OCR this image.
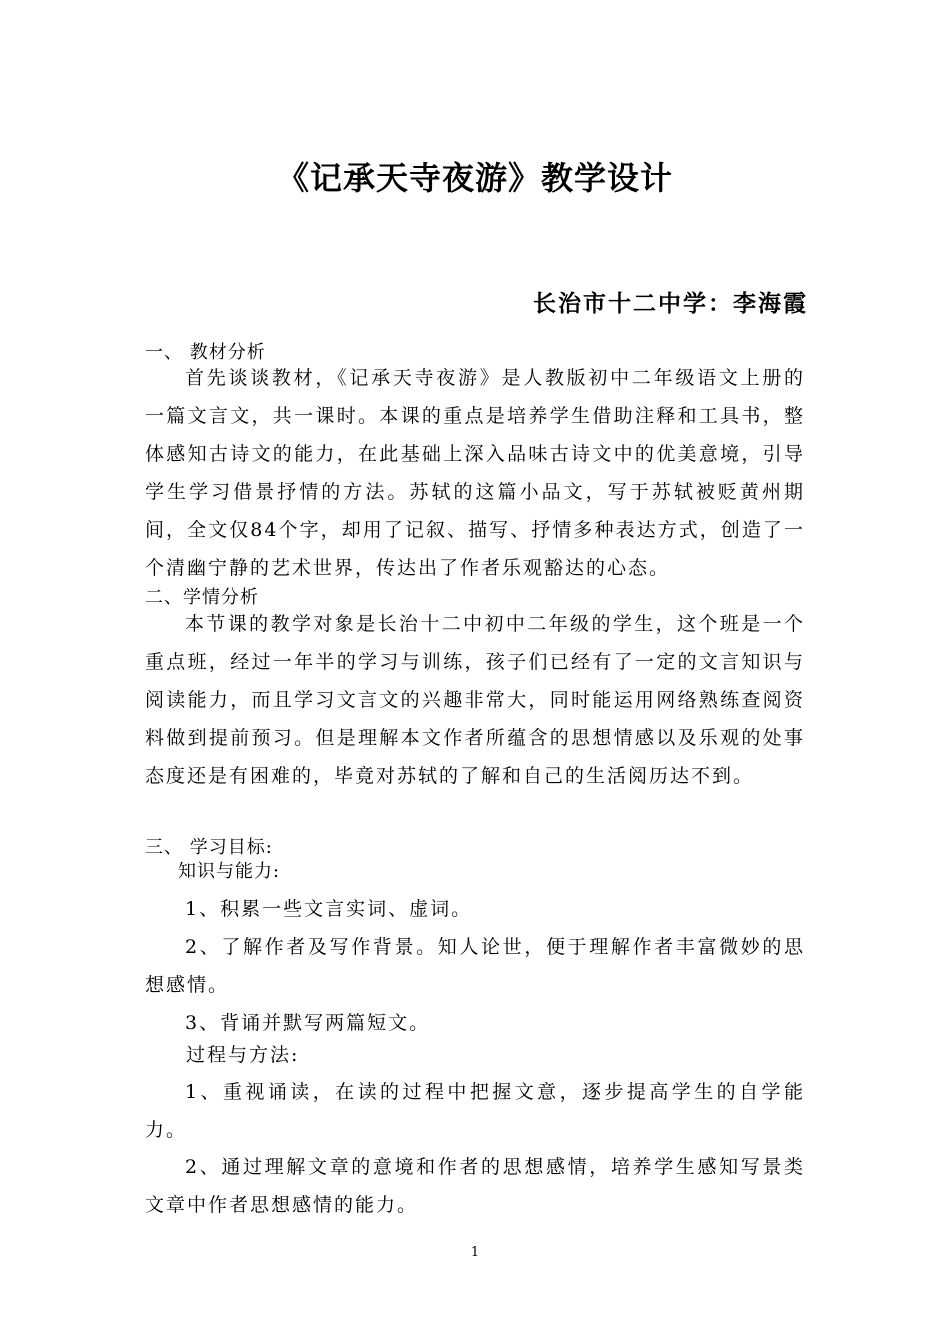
《记承天寺夜游》教学设计
长治市十二中学：李海霞
一、 教材分析

首先谈谈教材，《记承天寺夜游》是人教版初中二年级语文上册的一篇文言文，共一课时。本课的重点是培养学生借助注释和工具书，整体感知古诗文的能力，在此基础上深入品味古诗文中的优美意境，引导学生学习借景抒情的方法。苏轼的这篇小品文，写于苏轼被贬黄州期间，全文仅84个字，却用了记叙、描写、抒情多种表达方式，创造了一个清幽宁静的艺术世界，传达出了作者乐观豁达的心态。

二、学情分析

本节课的教学对象是长治十二中初中二年级的学生，这个班是一个重点班，经过一年半的学习与训练，孩子们已经有了一定的文言知识与阅读能力，而且学习文言文的兴趣非常大，同时能运用网络熟练查阅资料做到提前预习。但是理解本文作者所蕴含的思想情感以及乐观的处事态度还是有困难的，毕竟对苏轼的了解和自己的生活阅历达不到。

三、 学习目标:
知识与能力:

1、积累一些文言实词、虚词。

2、了解作者及写作背景。知人论世，便于理解作者丰富微妙的思想感情。

3、背诵并默写两篇短文。

过程与方法:

1、重视诵读，在读的过程中把握文意，逐步提高学生的自学能力。

2、通过理解文章的意境和作者的思想感情，培养学生感知写景类文章中作者思想感情的能力。

1
